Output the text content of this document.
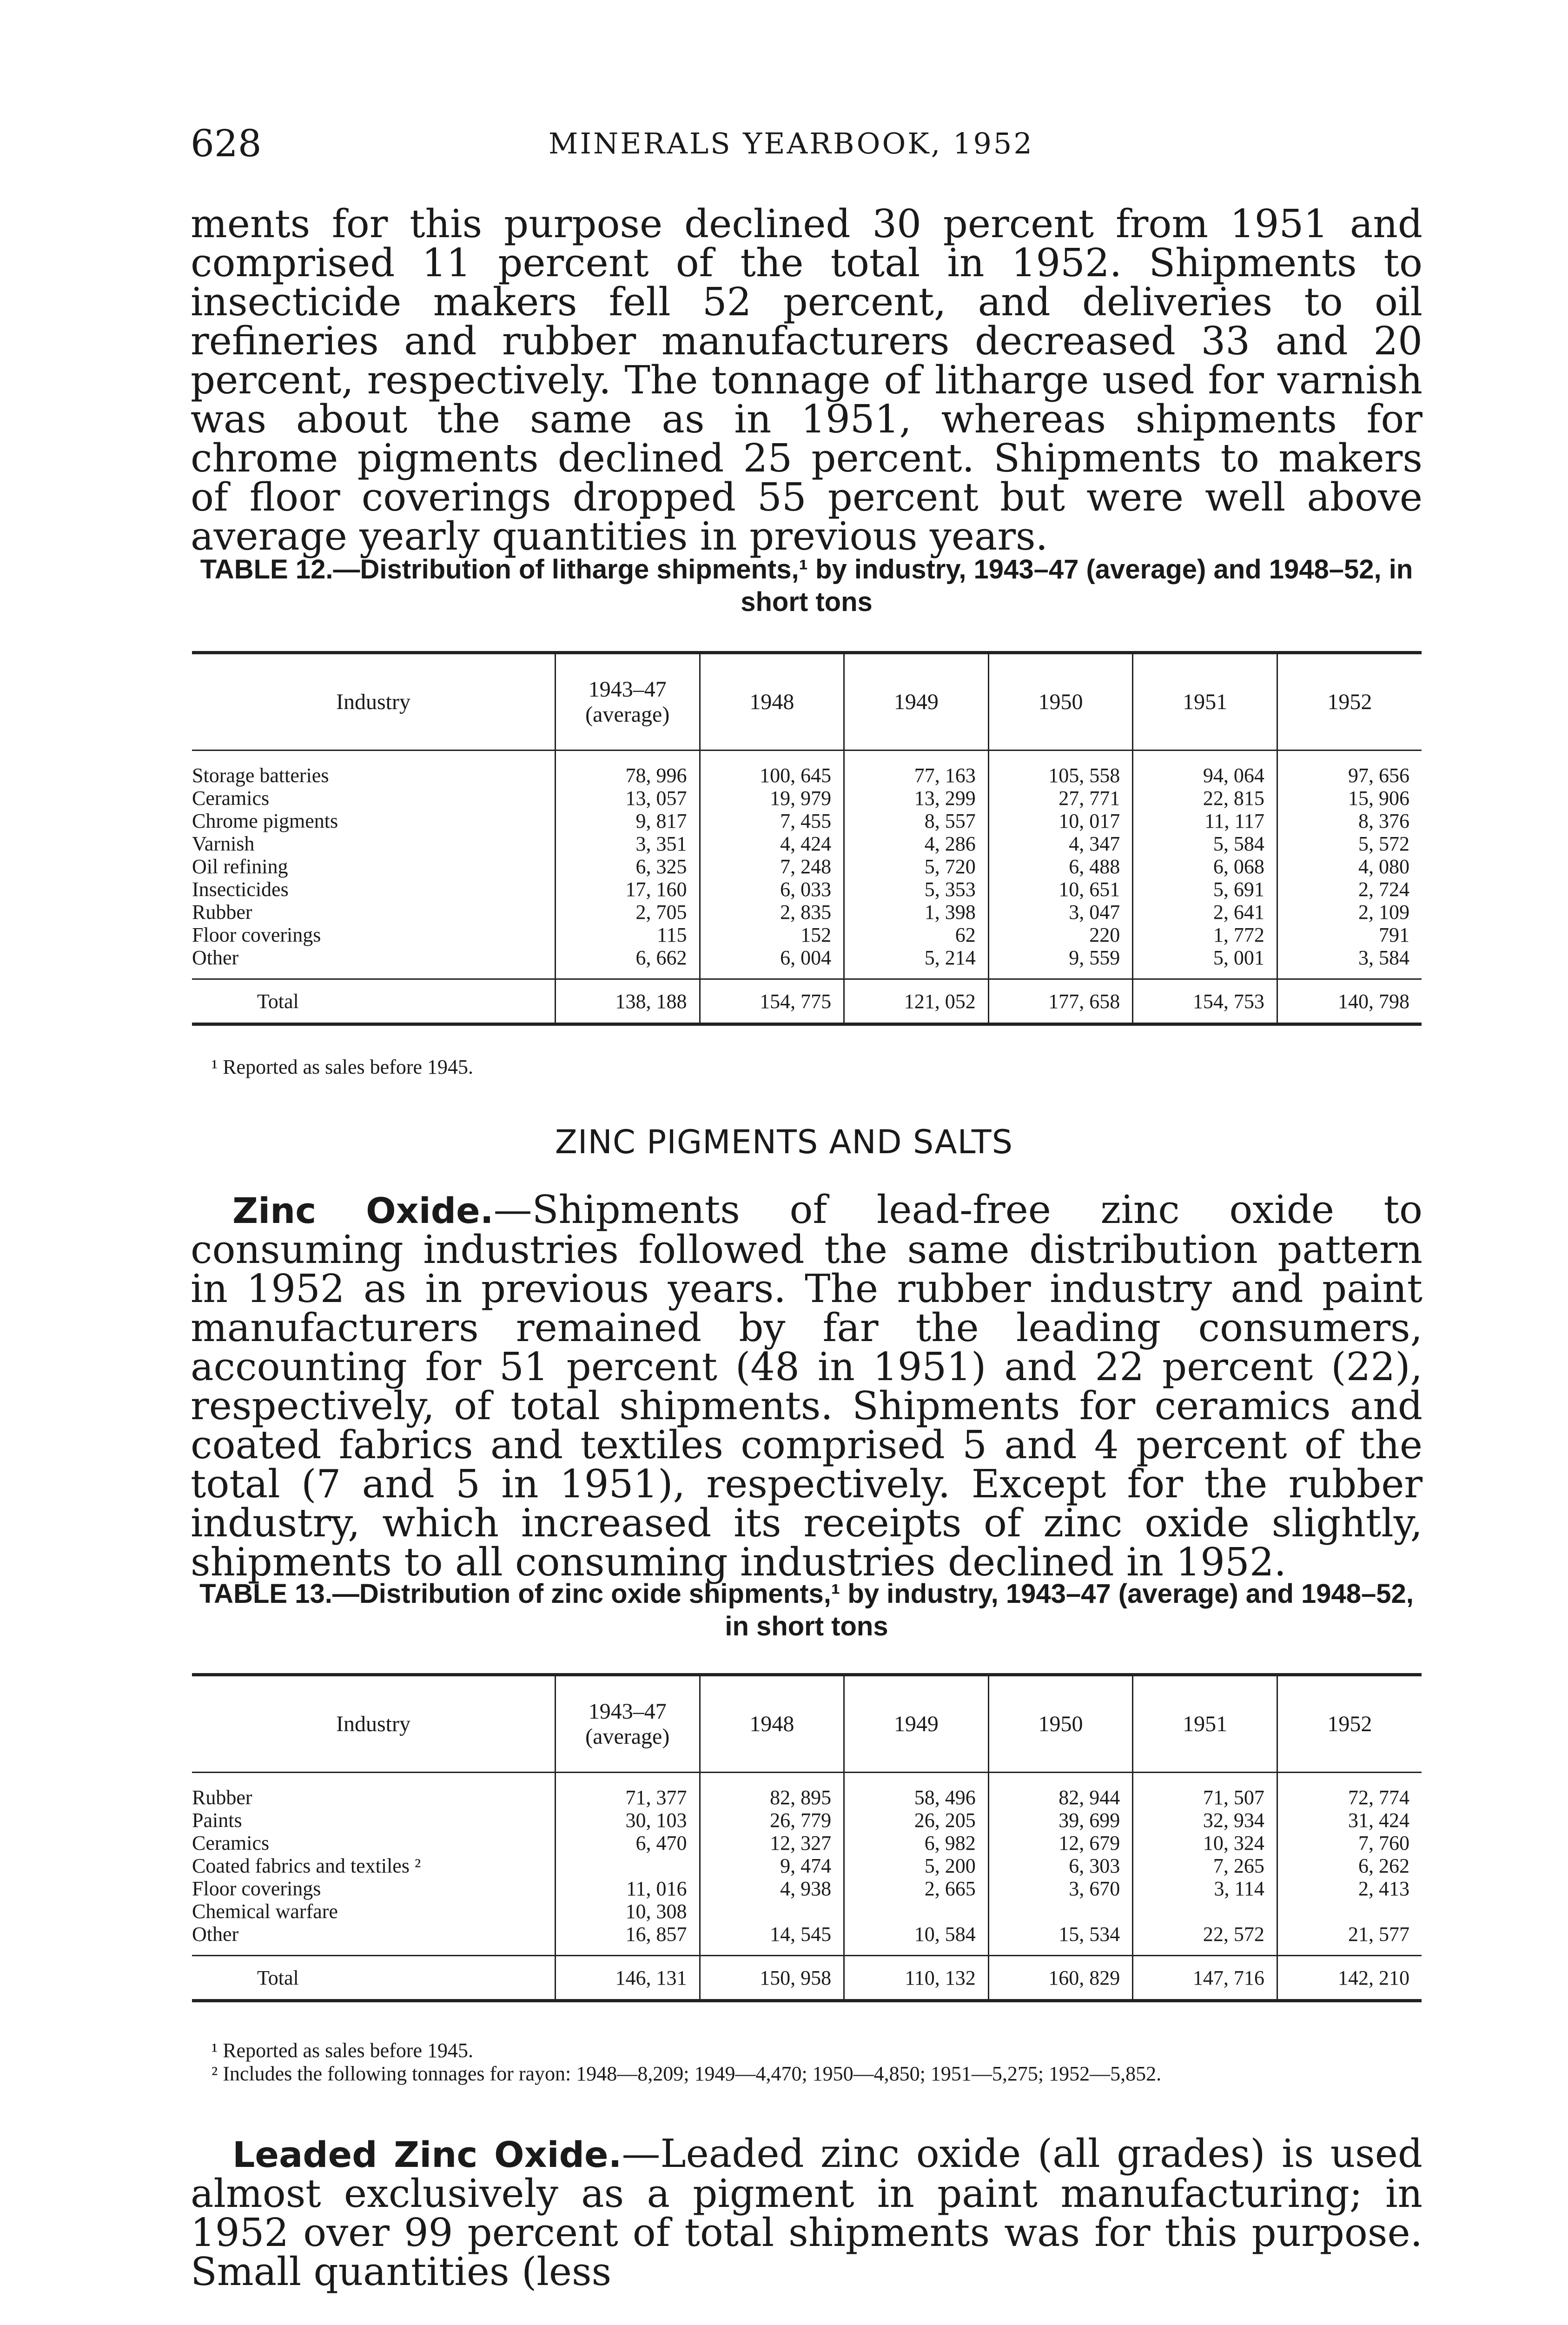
628	MINERALS YEARBOOK, 1952

ments for this purpose declined 30 percent from 1951 and comprised 11 percent of the total in 1952. Shipments to insecticide makers fell 52 percent, and deliveries to oil refineries and rubber manufacturers decreased 33 and 20 percent, respectively. The tonnage of litharge used for varnish was about the same as in 1951, whereas shipments for chrome pigments declined 25 percent. Shipments to makers of floor coverings dropped 55 percent but were well above average yearly quantities in previous years.

TABLE 12.—Distribution of litharge shipments,¹ by industry, 1943–47 (average) and 1948–52, in short tons

Industry	1943–47 (average)	1948	1949	1950	1951	1952
Storage batteries	78, 996	100, 645	77, 163	105, 558	94, 064	97, 656
Ceramics	13, 057	19, 979	13, 299	27, 771	22, 815	15, 906
Chrome pigments	9, 817	7, 455	8, 557	10, 017	11, 117	8, 376
Varnish	3, 351	4, 424	4, 286	4, 347	5, 584	5, 572
Oil refining	6, 325	7, 248	5, 720	6, 488	6, 068	4, 080
Insecticides	17, 160	6, 033	5, 353	10, 651	5, 691	2, 724
Rubber	2, 705	2, 835	1, 398	3, 047	2, 641	2, 109
Floor coverings	115	152	62	220	1, 772	791
Other	6, 662	6, 004	5, 214	9, 559	5, 001	3, 584
Total	138, 188	154, 775	121, 052	177, 658	154, 753	140, 798

¹ Reported as sales before 1945.

ZINC PIGMENTS AND SALTS

Zinc Oxide.—Shipments of lead-free zinc oxide to consuming industries followed the same distribution pattern in 1952 as in previous years. The rubber industry and paint manufacturers remained by far the leading consumers, accounting for 51 percent (48 in 1951) and 22 percent (22), respectively, of total shipments. Shipments for ceramics and coated fabrics and textiles comprised 5 and 4 percent of the total (7 and 5 in 1951), respectively. Except for the rubber industry, which increased its receipts of zinc oxide slightly, shipments to all consuming industries declined in 1952.

TABLE 13.—Distribution of zinc oxide shipments,¹ by industry, 1943–47 (average) and 1948–52, in short tons

Industry	1943–47 (average)	1948	1949	1950	1951	1952
Rubber	71, 377	82, 895	58, 496	82, 944	71, 507	72, 774
Paints	30, 103	26, 779	26, 205	39, 699	32, 934	31, 424
Ceramics	6, 470	12, 327	6, 982	12, 679	10, 324	7, 760
Coated fabrics and textiles ²		9, 474	5, 200	6, 303	7, 265	6, 262
Floor coverings	11, 016	4, 938	2, 665	3, 670	3, 114	2, 413
Chemical warfare	10, 308					
Other	16, 857	14, 545	10, 584	15, 534	22, 572	21, 577
Total	146, 131	150, 958	110, 132	160, 829	147, 716	142, 210

¹ Reported as sales before 1945.

² Includes the following tonnages for rayon: 1948—8,209; 1949—4,470; 1950—4,850; 1951—5,275; 1952—5,852.

Leaded Zinc Oxide.—Leaded zinc oxide (all grades) is used almost exclusively as a pigment in paint manufacturing; in 1952 over 99 percent of total shipments was for this purpose. Small quantities (less
